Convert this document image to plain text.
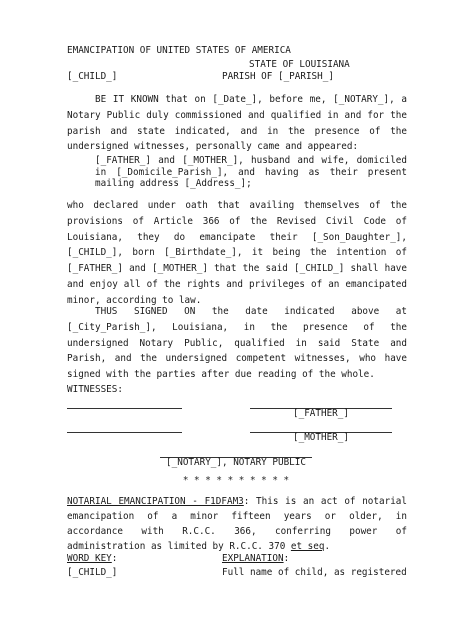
EMANCIPATION OF UNITED STATES OF AMERICA
STATE OF LOUISIANA
[_CHILD_]	PARISH OF [_PARISH_]
BE IT KNOWN that on [_Date_], before me, [_NOTARY_], a Notary Public duly commissioned and qualified in and for the parish and state indicated, and in the presence of the undersigned witnesses, personally came and appeared:
[_FATHER_] and [_MOTHER_], husband and wife, domiciled in [_Domicile_Parish_], and having as their present mailing address [_Address_];
who declared under oath that availing themselves of the provisions of Article 366 of the Revised Civil Code of Louisiana, they do emancipate their [_Son_Daughter_], [_CHILD_], born [_Birthdate_], it being the intention of [_FATHER_] and [_MOTHER_] that the said [_CHILD_] shall have and enjoy all of the rights and privileges of an emancipated minor, according to law.
THUS SIGNED ON the date indicated above at [_City_Parish_], Louisiana, in the presence of the undersigned Notary Public, qualified in said State and Parish, and the undersigned competent witnesses, who have signed with the parties after due reading of the whole.
WITNESSES:
[_FATHER_]
[_MOTHER_]
[_NOTARY_], NOTARY PUBLIC
* * * * * * * * * *
NOTARIAL EMANCIPATION - F1DFAM3: This is an act of notarial emancipation of a minor fifteen years or older, in accordance with R.C.C. 366, conferring power of administration as limited by R.C.C. 370 et seq.
WORD KEY:	EXPLANATION:
[_CHILD_]	Full name of child, as registered
